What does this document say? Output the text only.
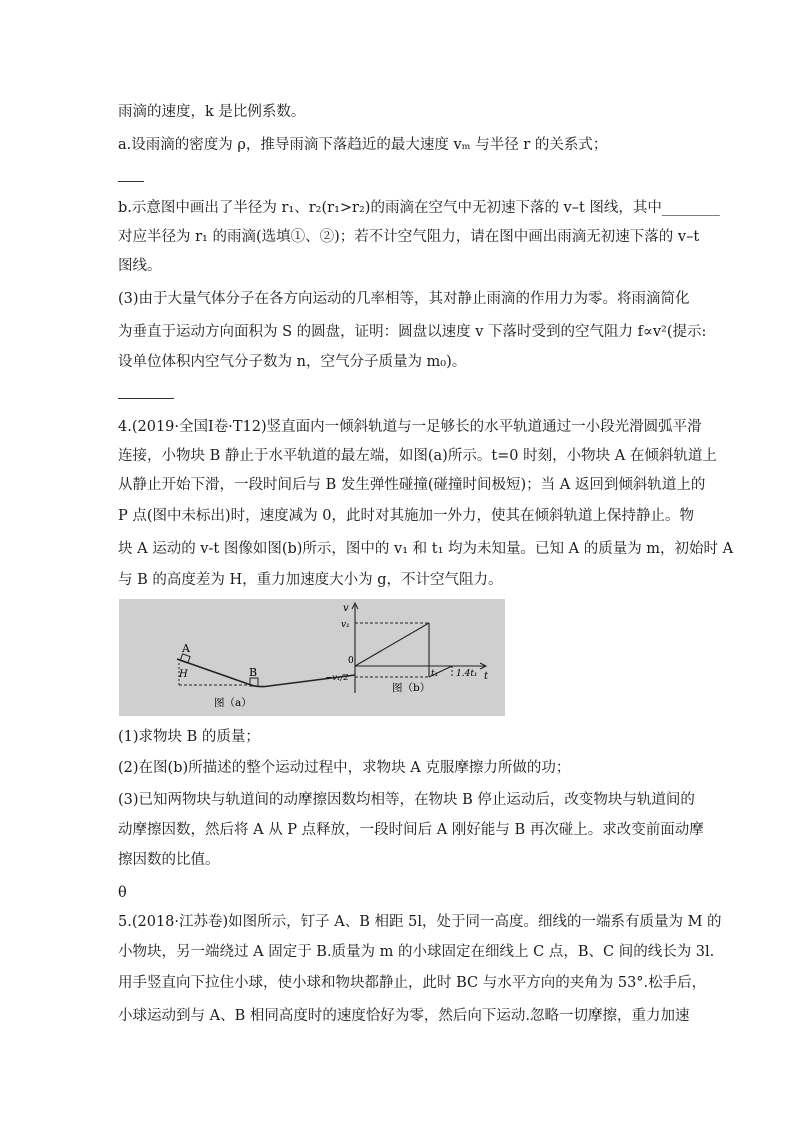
雨滴的速度，k 是比例系数。
a.设雨滴的密度为 ρ，推导雨滴下落趋近的最大速度 vₘ 与半径 r 的关系式；
b.示意图中画出了半径为 r₁、r₂(r₁>r₂)的雨滴在空气中无初速下落的 v–t 图线，其中________
对应半径为 r₁ 的雨滴(选填①、②)；若不计空气阻力，请在图中画出雨滴无初速下落的 v–t
图线。
(3)由于大量气体分子在各方向运动的几率相等，其对静止雨滴的作用力为零。将雨滴简化
为垂直于运动方向面积为 S 的圆盘，证明：圆盘以速度 v 下落时受到的空气阻力 f∝v²(提示:
设单位体积内空气分子数为 n，空气分子质量为 m₀)。
4.(2019·全国Ⅰ卷·T12)竖直面内一倾斜轨道与一足够长的水平轨道通过一小段光滑圆弧平滑
连接，小物块 B 静止于水平轨道的最左端，如图(a)所示。t=0 时刻，小物块 A 在倾斜轨道上
从静止开始下滑，一段时间后与 B 发生弹性碰撞(碰撞时间极短)；当 A 返回到倾斜轨道上的
P 点(图中未标出)时，速度减为 0，此时对其施加一外力，使其在倾斜轨道上保持静止。物
块 A 运动的 v-t 图像如图(b)所示，图中的 v₁ 和 t₁ 均为未知量。已知 A 的质量为 m，初始时 A
与 B 的高度差为 H，重力加速度大小为 g，不计空气阻力。
A
B
H
图（a）
v
t
v₁
0
−v₁/2	t₁ 1.4t₁
图（b）
(1)求物块 B 的质量；
(2)在图(b)所描述的整个运动过程中，求物块 A 克服摩擦力所做的功；
(3)已知两物块与轨道间的动摩擦因数均相等，在物块 B 停止运动后，改变物块与轨道间的
动摩擦因数，然后将 A 从 P 点释放，一段时间后 A 刚好能与 B 再次碰上。求改变前面动摩
擦因数的比值。
θ
5.(2018·江苏卷)如图所示，钉子 A、B 相距 5l，处于同一高度。细线的一端系有质量为 M 的
小物块，另一端绕过 A 固定于 B.质量为 m 的小球固定在细线上 C 点，B、C 间的线长为 3l.
用手竖直向下拉住小球，使小球和物块都静止，此时 BC 与水平方向的夹角为 53°.松手后，
小球运动到与 A、B 相同高度时的速度恰好为零，然后向下运动.忽略一切摩擦，重力加速
